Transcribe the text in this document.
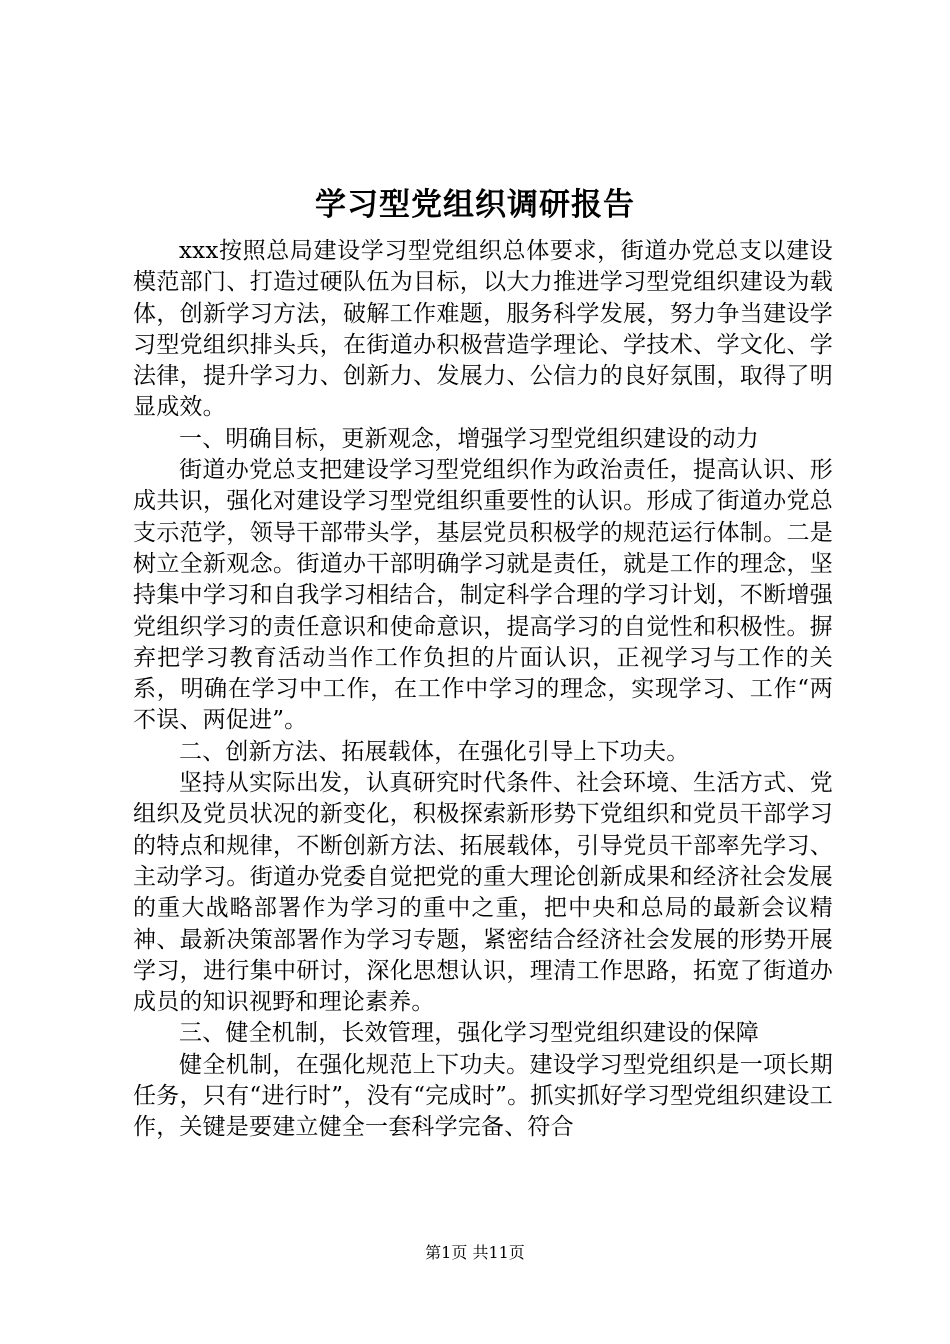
学习型党组织调研报告

xxx按照总局建设学习型党组织总体要求，街道办党总支以建设模范部门、打造过硬队伍为目标，以大力推进学习型党组织建设为载体，创新学习方法，破解工作难题，服务科学发展，努力争当建设学习型党组织排头兵，在街道办积极营造学理论、学技术、学文化、学法律，提升学习力、创新力、发展力、公信力的良好氛围，取得了明显成效。

一、明确目标，更新观念，增强学习型党组织建设的动力

街道办党总支把建设学习型党组织作为政治责任，提高认识、形成共识，强化对建设学习型党组织重要性的认识。形成了街道办党总支示范学，领导干部带头学，基层党员积极学的规范运行体制。二是树立全新观念。街道办干部明确学习就是责任，就是工作的理念，坚持集中学习和自我学习相结合，制定科学合理的学习计划，不断增强党组织学习的责任意识和使命意识，提高学习的自觉性和积极性。摒弃把学习教育活动当作工作负担的片面认识，正视学习与工作的关系，明确在学习中工作，在工作中学习的理念，实现学习、工作“两不误、两促进”。

二、创新方法、拓展载体，在强化引导上下功夫。

坚持从实际出发，认真研究时代条件、社会环境、生活方式、党组织及党员状况的新变化，积极探索新形势下党组织和党员干部学习的特点和规律，不断创新方法、拓展载体，引导党员干部率先学习、主动学习。街道办党委自觉把党的重大理论创新成果和经济社会发展的重大战略部署作为学习的重中之重，把中央和总局的最新会议精神、最新决策部署作为学习专题，紧密结合经济社会发展的形势开展学习，进行集中研讨，深化思想认识，理清工作思路，拓宽了街道办成员的知识视野和理论素养。

三、健全机制，长效管理，强化学习型党组织建设的保障

健全机制，在强化规范上下功夫。建设学习型党组织是一项长期任务，只有“进行时”，没有“完成时”。抓实抓好学习型党组织建设工作，关键是要建立健全一套科学完备、符合

第1页 共11页
